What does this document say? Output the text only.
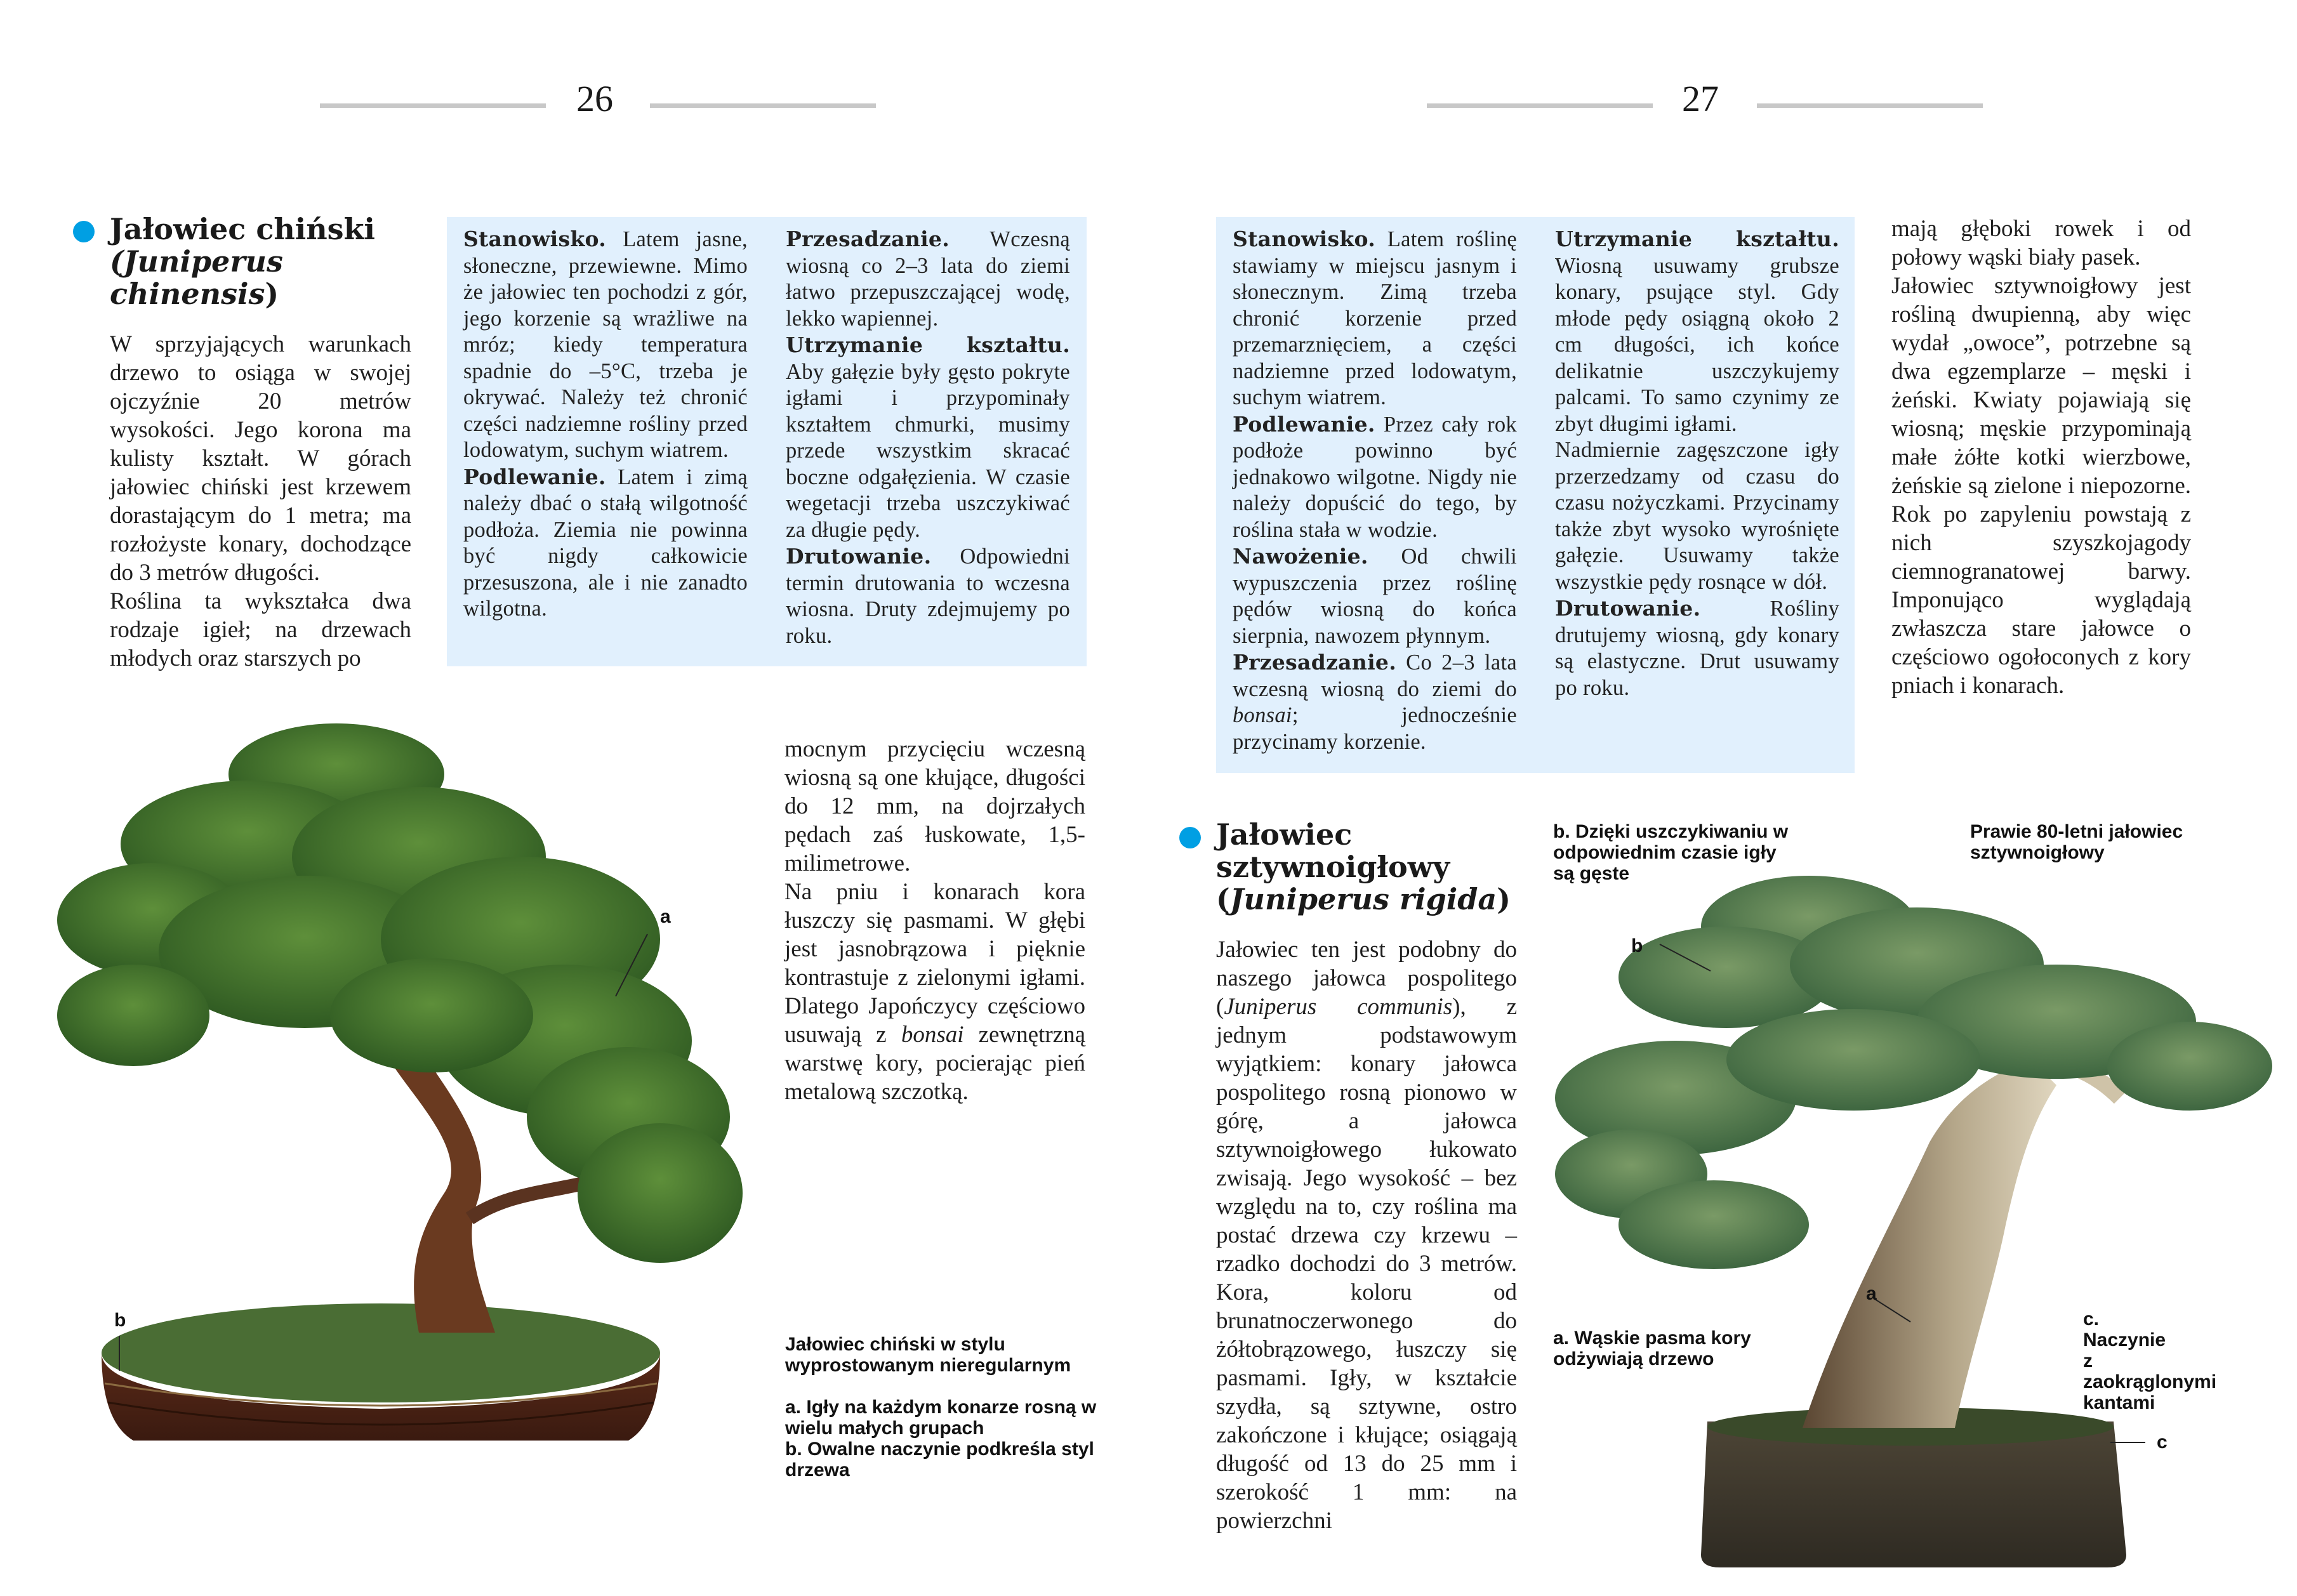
26
Jałowiec chiński
(Juniperus
chinensis)

W sprzyjających warunkach drzewo to osiąga w swojej ojczyźnie 20 metrów wysokości. Jego korona ma kulisty kształt. W górach jałowiec chiński jest krzewem dorastającym do 1 metra; ma rozłożyste konary, dochodzące do 3 metrów długości.

Roślina ta wykształca dwa rodzaje igieł; na drzewach młodych oraz starszych po

Stanowisko. Latem jasne, słoneczne, przewiewne. Mimo że jałowiec ten pochodzi z gór, jego korzenie są wrażliwe na mróz; kiedy temperatura spadnie do –5°C, trzeba je okrywać. Należy też chronić części nadziemne rośliny przed lodowatym, suchym wiatrem.

Podlewanie. Latem i zimą należy dbać o stałą wilgotność podłoża. Ziemia nie powinna być nigdy całkowicie przesuszona, ale i nie zanadto wilgotna.

Przesadzanie. Wczesną wiosną co 2–3 lata do ziemi łatwo przepuszczającej wodę, lekko wapiennej.

Utrzymanie kształtu. Aby gałęzie były gęsto pokryte igłami i przypominały kształtem chmurki, musimy przede wszystkim skracać boczne odgałęzienia. W czasie wegetacji trzeba uszczykiwać za długie pędy.

Drutowanie. Odpowiedni termin drutowania to wczesna wiosna. Druty zdejmujemy po roku.

mocnym przycięciu wczesną wiosną są one kłujące, długości do 12 mm, na dojrzałych pędach zaś łuskowate, 1,5-milimetrowe.

Na pniu i konarach kora łuszczy się pasmami. W głębi jest jasnobrązowa i pięknie kontrastuje z zielonymi igłami. Dlatego Japończycy częściowo usuwają z bonsai zewnętrzną warstwę kory, pocierając pień metalową szczotką.

a
b

Jałowiec chiński w stylu wyprostowanym nieregularnym

a. Igły na każdym konarze rosną w wielu małych grupach

b. Owalne naczynie podkreśla styl drzewa

27

Stanowisko. Latem roślinę stawiamy w miejscu jasnym i słonecznym. Zimą trzeba chronić korzenie przed przemarznięciem, a części nadziemne przed lodowatym, suchym wiatrem.

Podlewanie. Przez cały rok podłoże powinno być jednakowo wilgotne. Nigdy nie należy dopuścić do tego, by roślina stała w wodzie.

Nawożenie. Od chwili wypuszczenia przez roślinę pędów wiosną do końca sierpnia, nawozem płynnym.

Przesadzanie. Co 2–3 lata wczesną wiosną do ziemi do bonsai; jednocześnie przycinamy korzenie.

Utrzymanie kształtu. Wiosną usuwamy grubsze konary, psujące styl. Gdy młode pędy osiągną około 2 cm długości, ich końce delikatnie uszczykujemy palcami. To samo czynimy ze zbyt długimi igłami.

Nadmiernie zagęszczone igły przerzedzamy od czasu do czasu nożyczkami. Przycinamy także zbyt wysoko wyrośnięte gałęzie. Usuwamy także wszystkie pędy rosnące w dół.

Drutowanie. Rośliny drutujemy wiosną, gdy konary są elastyczne. Drut usuwamy po roku.

mają głęboki rowek i od połowy wąski biały pasek.

Jałowiec sztywnoigłowy jest rośliną dwupienną, aby więc wydał „owoce”, potrzebne są dwa egzemplarze – męski i żeński. Kwiaty pojawiają się wiosną; męskie przypominają małe żółte kotki wierzbowe, żeńskie są zielone i niepozorne. Rok po zapyleniu powstają z nich szyszkojagody ciemnogranatowej barwy. Imponująco wyglądają zwłaszcza stare jałowce o częściowo ogołoconych z kory pniach i konarach.

Jałowiec
sztywnoigłowy
(Juniperus rigida)

Jałowiec ten jest podobny do naszego jałowca pospolitego (Juniperus communis), z jednym podstawowym wyjątkiem: konary jałowca pospolitego rosną pionowo w górę, a jałowca sztywnoigłowego łukowato zwisają. Jego wysokość – bez względu na to, czy roślina ma postać drzewa czy krzewu – rzadko dochodzi do 3 metrów. Kora, koloru od brunatnoczerwonego do żółtobrązowego, łuszczy się pasmami. Igły, w kształcie szydła, są sztywne, ostro zakończone i kłujące; osiągają długość od 13 do 25 mm i szerokość 1 mm: na powierzchni

b
a
c
b. Dzięki uszczykiwaniu w odpowiednim czasie igły są gęste
Prawie 80-letni jałowiec sztywnoigłowy
a. Wąskie pasma kory odżywiają drzewo
c. Naczynie z zaokrąglonymi kantami
